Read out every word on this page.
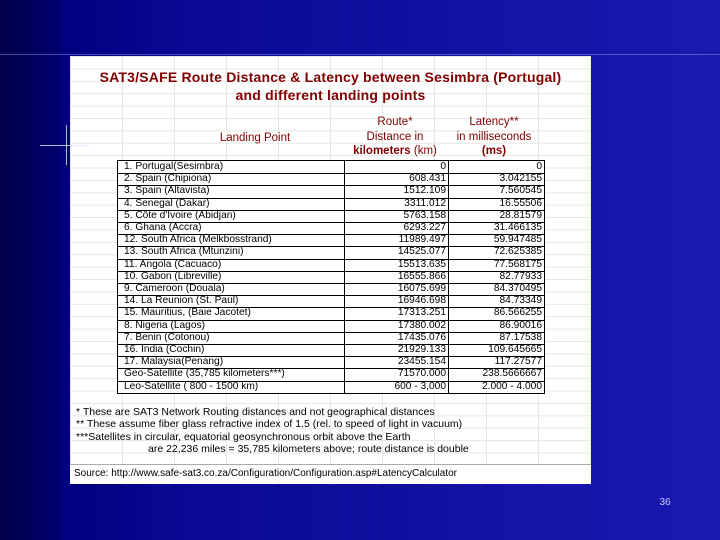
SAT3/SAFE Route Distance & Latency between Sesimbra (Portugal)
and different landing points
Landing Point
Route*
Distance in
kilometers (km)
Latency**
in milliseconds
(ms)
1. Portugal(Sesimbra)	0	0
2. Spain (Chipiona)	608.431	3.042155
3. Spain (Altavista)	1512.109	7.560545
4. Senegal (Dakar)	3311.012	16.55506
5. Côte d'Ivoire (Abidjan)	5763.158	28.81579
6. Ghana (Accra)	6293.227	31.466135
12. South Africa (Melkbosstrand)	11989.497	59.947485
13. South Africa (Mtunzini)	14525.077	72.625385
11. Angola (Cacuaco)	15513.635	77.568175
10. Gabon (Libreville)	16555.866	82.77933
9. Cameroon (Douala)	16075.699	84.370495
14. La Reunion (St. Paul)	16946.698	84.73349
15. Mauritius, (Baie Jacotet)	17313.251	86.566255
8. Nigeria (Lagos)	17380.002	86.90016
7. Benin (Cotonou)	17435.076	87.17538
16. India (Cochin)	21929.133	109.645665
17. Malaysia(Penang)	23455.154	117.27577
Geo-Satellite (35,785 kilometers***)	71570.000	238.5666667
Leo-Satellite ( 800 - 1500 km)	600 - 3,000	2.000 - 4.000
* These are SAT3 Network Routing distances and not geographical distances
** These assume fiber glass refractive index of 1.5 (rel. to speed of light in vacuum)
***Satellites in circular, equatorial geosynchronous orbit above the Earth
are 22,236 miles = 35,785 kilometers above; route distance is double
Source: http://www.safe-sat3.co.za/Configuration/Configuration.asp#LatencyCalculator
36
